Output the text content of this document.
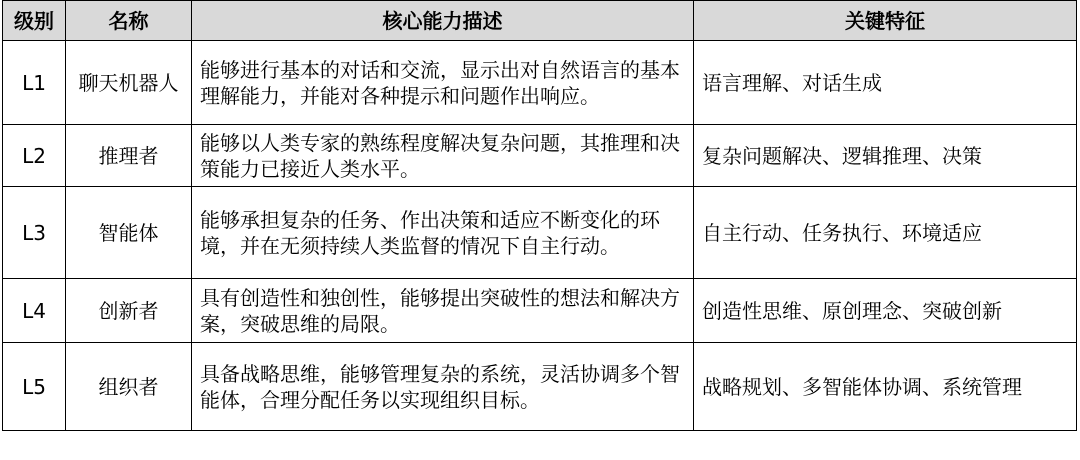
级别	名称	核心能力描述	关键特征
L1	聊天机器人	能够进行基本的对话和交流，显示出对自然语言的基本理解能力，并能对各种提示和问题作出响应。	语言理解、对话生成
L2	推理者	能够以人类专家的熟练程度解决复杂问题，其推理和决策能力已接近人类水平。	复杂问题解决、逻辑推理、决策
L3	智能体	能够承担复杂的任务、作出决策和适应不断变化的环境，并在无须持续人类监督的情况下自主行动。	自主行动、任务执行、环境适应
L4	创新者	具有创造性和独创性，能够提出突破性的想法和解决方案，突破思维的局限。	创造性思维、原创理念、突破创新
L5	组织者	具备战略思维，能够管理复杂的系统，灵活协调多个智能体，合理分配任务以实现组织目标。	战略规划、多智能体协调、系统管理
